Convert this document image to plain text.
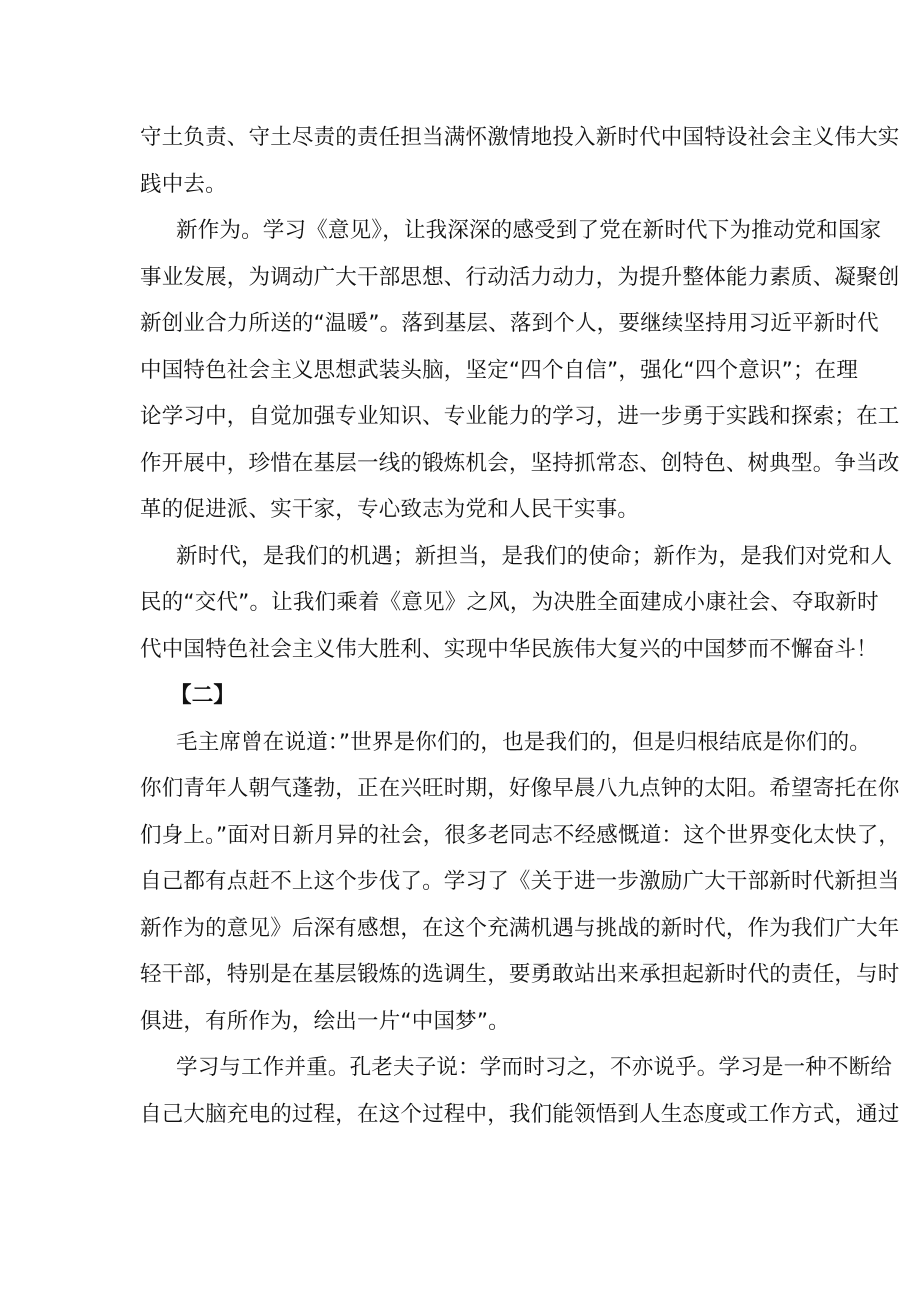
守土负责、守土尽责的责任担当满怀激情地投入新时代中国特设社会主义伟大实
践中去。
新作为。学习《意见》，让我深深的感受到了党在新时代下为推动党和国家
事业发展，为调动广大干部思想、行动活力动力，为提升整体能力素质、凝聚创
新创业合力所送的“温暖”。落到基层、落到个人，要继续坚持用习近平新时代
中国特色社会主义思想武装头脑，坚定“四个自信”，强化“四个意识”；在理
论学习中，自觉加强专业知识、专业能力的学习，进一步勇于实践和探索；在工
作开展中，珍惜在基层一线的锻炼机会，坚持抓常态、创特色、树典型。争当改
革的促进派、实干家，专心致志为党和人民干实事。
新时代，是我们的机遇；新担当，是我们的使命；新作为，是我们对党和人
民的“交代”。让我们乘着《意见》之风，为决胜全面建成小康社会、夺取新时
代中国特色社会主义伟大胜利、实现中华民族伟大复兴的中国梦而不懈奋斗！
【二】
毛主席曾在说道：”世界是你们的，也是我们的，但是归根结底是你们的。
你们青年人朝气蓬勃，正在兴旺时期，好像早晨八九点钟的太阳。希望寄托在你
们身上。”面对日新月异的社会，很多老同志不经感慨道：这个世界变化太快了，
自己都有点赶不上这个步伐了。学习了《关于进一步激励广大干部新时代新担当
新作为的意见》后深有感想，在这个充满机遇与挑战的新时代，作为我们广大年
轻干部，特别是在基层锻炼的选调生，要勇敢站出来承担起新时代的责任，与时
俱进，有所作为，绘出一片“中国梦”。
学习与工作并重。孔老夫子说：学而时习之，不亦说乎。学习是一种不断给
自己大脑充电的过程，在这个过程中，我们能领悟到人生态度或工作方式，通过
